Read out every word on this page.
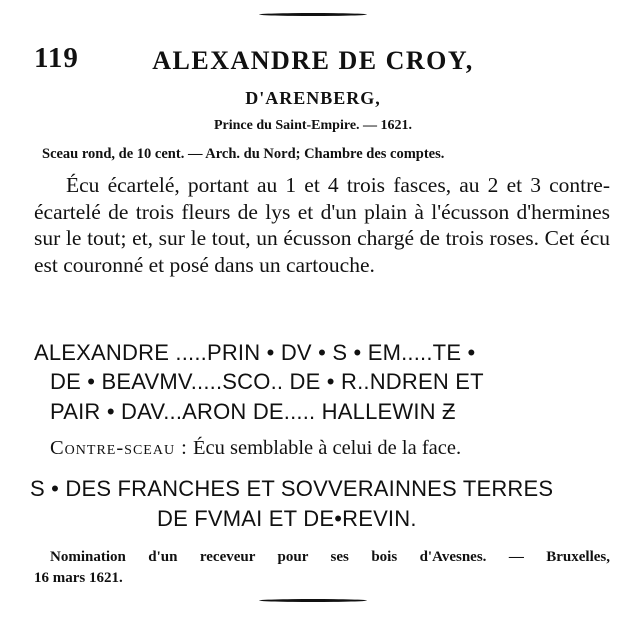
119	ALEXANDRE DE CROY,
D'ARENBERG,
Prince du Saint-Empire. — 1621.
Sceau rond, de 10 cent. — Arch. du Nord; Chambre des comptes.
Écu écartelé, portant au 1 et 4 trois fasces, au 2 et 3 contre-écartelé de trois fleurs de lys et d'un plain à l'écusson d'hermines sur le tout; et, sur le tout, un écusson chargé de trois roses. Cet écu est couronné et posé dans un cartouche.
ALEXANDRE .....PRIN • DV • S • EM.....TE •
DE • BEAVMV.....SCO.. DE • R..NDREN ET
PAIR • DAV...ARON DE..... HALLEWIN Ƶ
Contre-sceau : Écu semblable à celui de la face.
S • DES FRANCHES ET SOVVERAINNES TERRES
DE FVMAI ET DE•REVIN.
Nomination d'un receveur pour ses bois d'Avesnes. — Bruxelles,
16 mars 1621.
